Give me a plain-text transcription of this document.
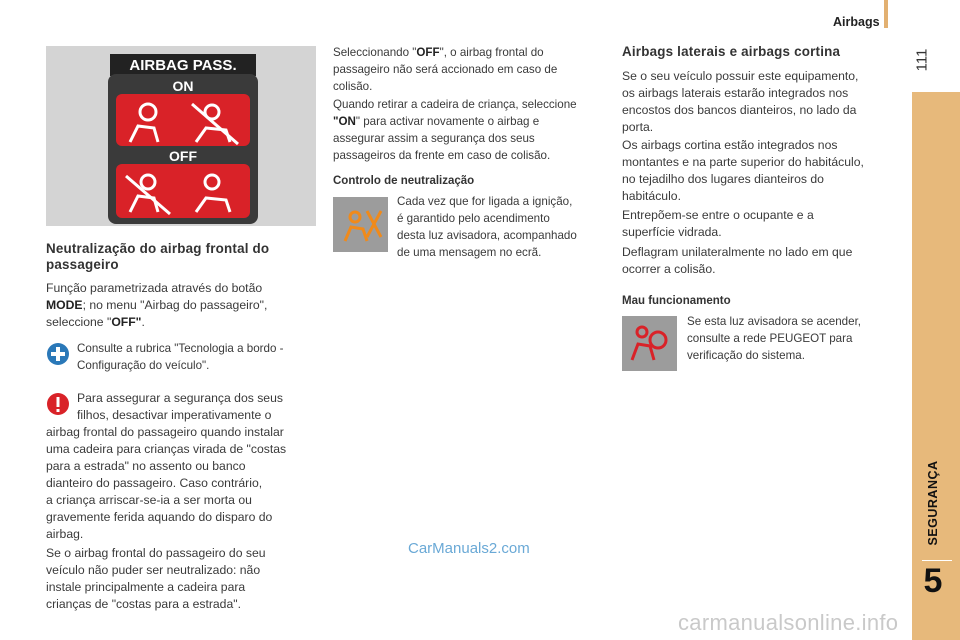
Airbags
111
SEGURANÇA
5
AIRBAG PASS.
ON
OFF
Neutralização do airbag frontal do passageiro
Função parametrizada através do botão
MODE; no menu "Airbag do passageiro",
seleccione "OFF".
Consulte a rubrica "Tecnologia a bordo -
Configuração do veículo".
Para assegurar a segurança dos seus
filhos, desactivar imperativamente o
airbag frontal do passageiro quando instalar
uma cadeira para crianças virada de "costas
para a estrada" no assento ou banco
dianteiro do passageiro. Caso contrário,
a criança arriscar-se-ia a ser morta ou
gravemente ferida aquando do disparo do
airbag.
Se o airbag frontal do passageiro do seu
veículo não puder ser neutralizado: não
instale principalmente a cadeira para
crianças de "costas para a estrada".
Seleccionando "OFF", o airbag frontal do
passageiro não será accionado em caso de
colisão.
Quando retirar a cadeira de criança, seleccione
"ON" para activar novamente o airbag e
assegurar assim a segurança dos seus
passageiros da frente em caso de colisão.
Controlo de neutralização
Cada vez que for ligada a ignição,
é garantido pelo acendimento
desta luz avisadora, acompanhado
de uma mensagem no ecrã.
Airbags laterais e airbags cortina
Se o seu veículo possuir este equipamento,
os airbags laterais estarão integrados nos
encostos dos bancos dianteiros, no lado da
porta.
Os airbags cortina estão integrados nos
montantes e na parte superior do habitáculo,
no tejadilho dos lugares dianteiros do
habitáculo.
Entrepõem-se entre o ocupante e a
superfície vidrada.
Deflagram unilateralmente no lado em que
ocorrer a colisão.
Mau funcionamento
Se esta luz avisadora se acender,
consulte a rede PEUGEOT para
verificação do sistema.
CarManuals2.com
carmanualsonline.info
